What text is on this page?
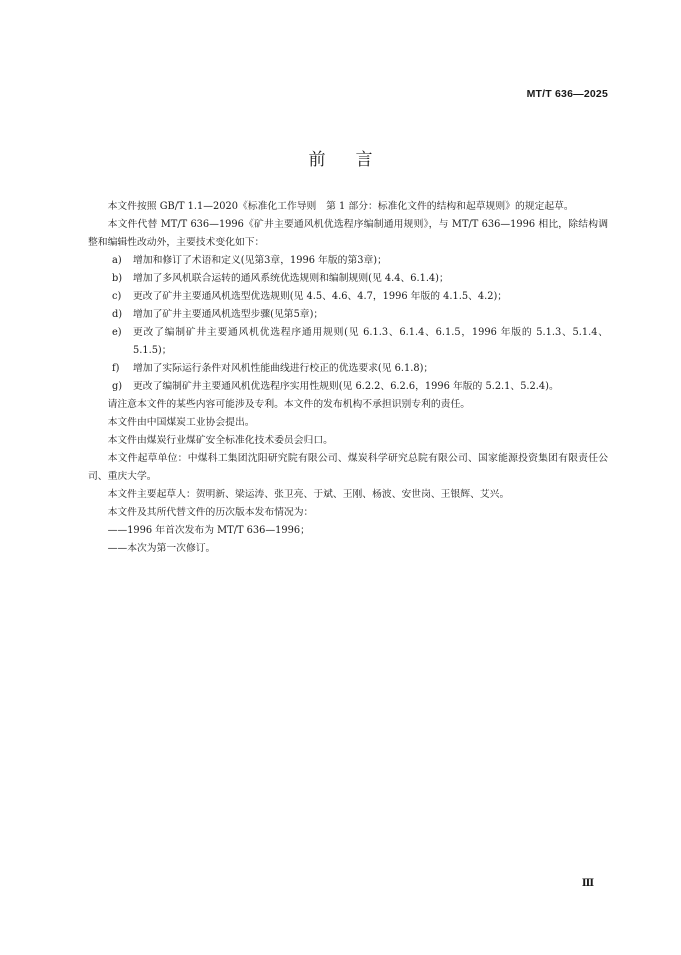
MT/T 636—2025
前言

本文件按照 GB/T 1.1—2020《标准化工作导则　第 1 部分：标准化文件的结构和起草规则》的规定起草。

本文件代替 MT/T 636—1996《矿井主要通风机优选程序编制通用规则》，与 MT/T 636—1996 相比，除结构调整和编辑性改动外，主要技术变化如下：

a) 增加和修订了术语和定义(见第3章，1996 年版的第3章)；
b) 增加了多风机联合运转的通风系统优选规则和编制规则(见 4.4、6.1.4)；
c) 更改了矿井主要通风机选型优选规则(见 4.5、4.6、4.7，1996 年版的 4.1.5、4.2)；
d) 增加了矿井主要通风机选型步骤(见第5章)；
e) 更改了编制矿井主要通风机优选程序通用规则(见 6.1.3、6.1.4、6.1.5，1996 年版的 5.1.3、5.1.4、5.1.5)；
f) 增加了实际运行条件对风机性能曲线进行校正的优选要求(见 6.1.8)；
g) 更改了编制矿井主要通风机优选程序实用性规则(见 6.2.2、6.2.6，1996 年版的 5.2.1、5.2.4)。

请注意本文件的某些内容可能涉及专利。本文件的发布机构不承担识别专利的责任。

本文件由中国煤炭工业协会提出。

本文件由煤炭行业煤矿安全标准化技术委员会归口。

本文件起草单位：中煤科工集团沈阳研究院有限公司、煤炭科学研究总院有限公司、国家能源投资集团有限责任公司、重庆大学。

本文件主要起草人：贺明新、梁运涛、张卫亮、于斌、王刚、杨波、安世岗、王银辉、艾兴。

本文件及其所代替文件的历次版本发布情况为：

——1996 年首次发布为 MT/T 636—1996；

——本次为第一次修订。

Ⅲ
